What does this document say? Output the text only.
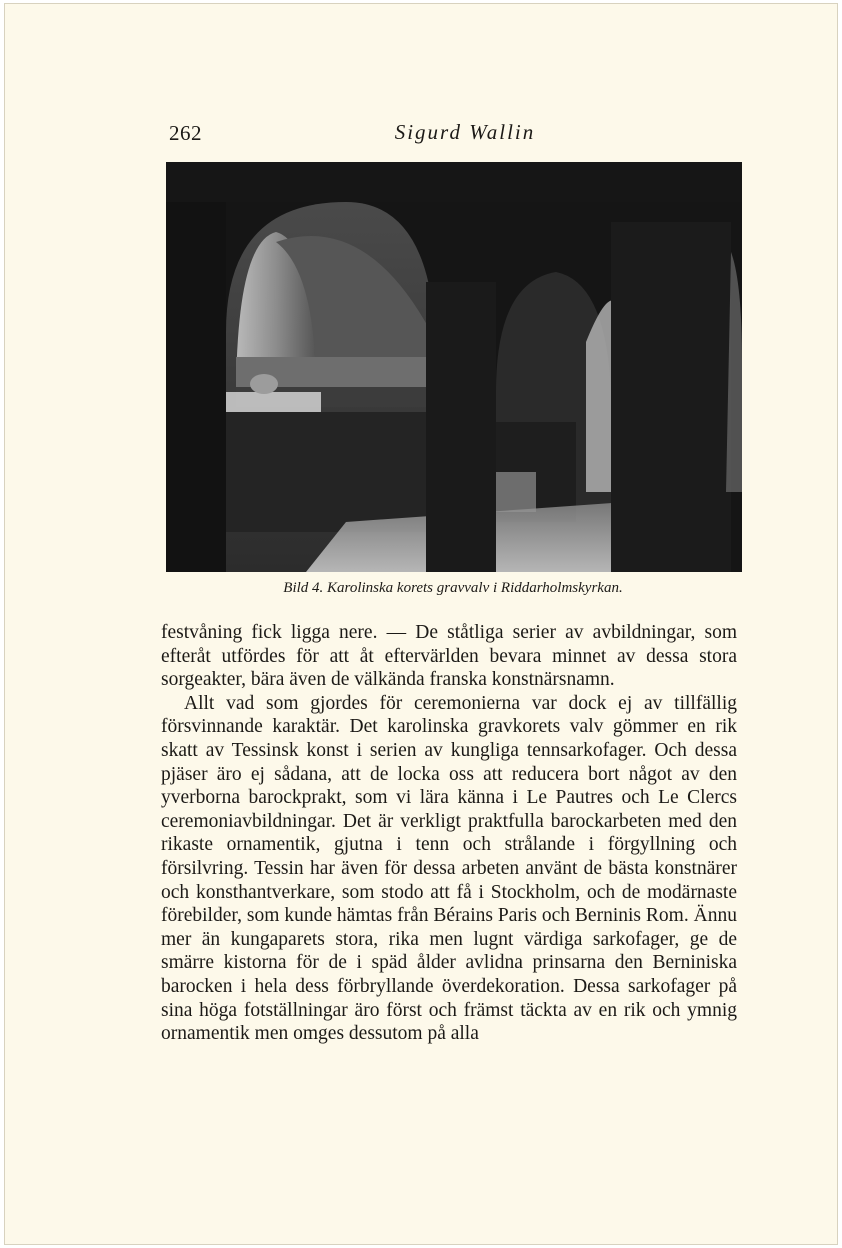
262	Sigurd Wallin
Bild 4. Karolinska korets gravvalv i Riddarholmskyrkan.

festvåning fick ligga nere. — De ståtliga serier av avbildningar, som efteråt utfördes för att åt eftervärlden bevara minnet av dessa stora sorgeakter, bära även de välkända franska konstnärsnamn.

Allt vad som gjordes för ceremonierna var dock ej av tillfällig försvinnande karaktär. Det karolinska gravkorets valv gömmer en rik skatt av Tessinsk konst i serien av kungliga tennsarkofager. Och dessa pjäser äro ej sådana, att de locka oss att reducera bort något av den yverborna barockprakt, som vi lära känna i Le Pautres och Le Clercs ceremoniavbildningar. Det är verkligt praktfulla barockarbeten med den rikaste ornamentik, gjutna i tenn och strålande i förgyllning och försilvring. Tessin har även för dessa arbeten använt de bästa konstnärer och konsthantverkare, som stodo att få i Stockholm, och de modärnaste förebilder, som kunde hämtas från Bérains Paris och Berninis Rom. Ännu mer än kungaparets stora, rika men lugnt värdiga sarkofager, ge de smärre kistorna för de i späd ålder avlidna prinsarna den Berniniska barocken i hela dess förbryllande överdekoration. Dessa sarkofager på sina höga fotställningar äro först och främst täckta av en rik och ymnig ornamentik men omges dessutom på alla
